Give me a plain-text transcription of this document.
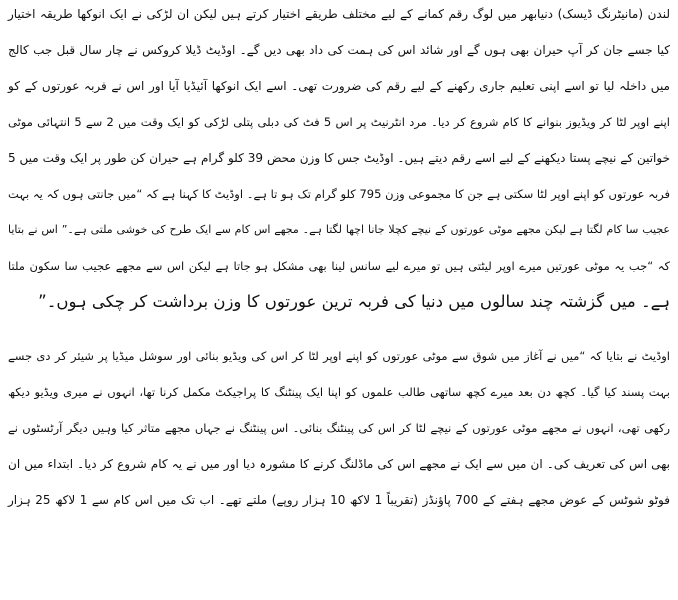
لندن (مانیٹرنگ ڈیسک) دنیابھر میں لوگ رقم کمانے کے لیے مختلف طریقے اختیار کرتے ہیں لیکن ان لڑکی نے ایک انوکھا طریقہ اختیار
کیا جسے جان کر آپ حیران بھی ہوں گے اور شائد اس کی ہمت کی داد بھی دیں گے۔ اوڈیٹ ڈیلا کروکس نے چار سال قبل جب کالج
میں داخلہ لیا تو اسے اپنی تعلیم جاری رکھنے کے لیے رقم کی ضرورت تھی۔ اسے ایک انوکھا آئیڈیا آیا اور اس نے فربہ عورتوں کے کو
اپنے اوپر لٹا کر ویڈیوز بنوانے کا کام شروع کر دیا۔ مرد انٹرنیٹ پر اس 5 فٹ کی دبلی پتلی لڑکی کو ایک وقت میں 2 سے 5 انتہائی موٹی
خواتین کے نیچے پستا دیکھنے کے لیے اسے رقم دیتے ہیں۔ اوڈیٹ جس کا وزن محض 39 کلو گرام ہے حیران کن طور پر ایک وقت میں 5
فربہ عورتوں کو اپنے اوپر لٹا سکتی ہے جن کا مجموعی وزن 795 کلو گرام تک ہو تا ہے۔ اوڈیٹ کا کہنا ہے کہ “میں جانتی ہوں کہ یہ بہت
عجیب سا کام لگتا ہے لیکن مجھے موٹی عورتوں کے نیچے کچلا جانا اچھا لگتا ہے۔ مجھے اس کام سے ایک طرح کی خوشی ملتی ہے۔” اس نے بتایا
کہ “جب یہ موٹی عورتیں میرے اوپر لیٹتی ہیں تو میرے لیے سانس لینا بھی مشکل ہو جاتا ہے لیکن اس سے مجھے عجیب سا سکون ملتا
ہے۔ میں گزشتہ چند سالوں میں دنیا کی فربہ ترین عورتوں کا وزن برداشت کر چکی ہوں۔”
اوڈیٹ نے بتایا کہ “میں نے آغاز میں شوق سے موٹی عورتوں کو اپنے اوپر لٹا کر اس کی ویڈیو بنائی اور سوشل میڈیا پر شیئر کر دی جسے
بہت پسند کیا گیا۔ کچھ دن بعد میرے کچھ ساتھی طالب علموں کو اپنا ایک پینٹنگ کا پراجیکٹ مکمل کرنا تھا، انہوں نے میری ویڈیو دیکھ
رکھی تھی، انہوں نے مجھے موٹی عورتوں کے نیچے لٹا کر اس کی پینٹنگ بنائی۔ اس پینٹنگ نے جہاں مجھے متاثر کیا وہیں دیگر آرٹسٹوں نے
بھی اس کی تعریف کی۔ ان میں سے ایک نے مجھے اس کی ماڈلنگ کرنے کا مشورہ دیا اور میں نے یہ کام شروع کر دیا۔ ابتداء میں ان
فوٹو شوٹس کے عوض مجھے ہفتے کے 700 پاؤنڈز (تقریباً 1 لاکھ 10 ہزار روپے) ملتے تھے۔ اب تک میں اس کام سے 1 لاکھ 25 ہزار
